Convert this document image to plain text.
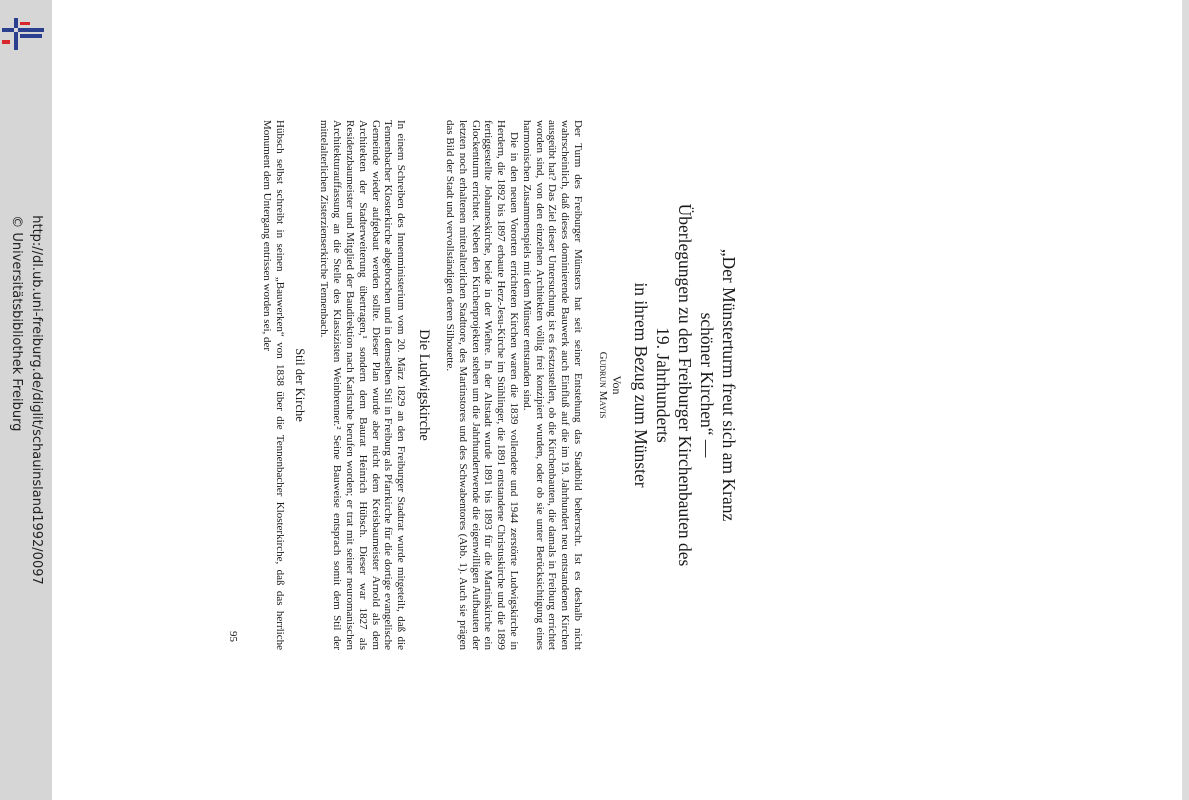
http://dl.ub.uni-freiburg.de/diglit/schauinsland1992/0097
© Universitätsbibliothek Freiburg	„Der Münsterturm freut sich am Kranz
schöner Kirchen“ —
Überlegungen zu den Freiburger Kirchenbauten des
19. Jahrhunderts
in ihrem Bezug zum Münster
Von
Gudrun Mayis

Der Turm des Freiburger Münsters hat seit seiner Entstehung das Stadtbild beherrscht. Ist es deshalb nicht wahrscheinlich, daß dieses dominierende Bauwerk auch Einfluß auf die im 19. Jahrhundert neu entstandenen Kirchen ausgeübt hat? Das Ziel dieser Untersuchung ist es festzustellen, ob die Kirchenbauten, die damals in Freiburg errichtet worden sind, von den einzelnen Architekten völlig frei konzipiert wurden, oder ob sie unter Berücksichtigung eines harmonischen Zusammenspiels mit dem Münster entstanden sind.

Die in den neuen Vororten errichteten Kirchen waren die 1839 vollendete und 1944 zerstörte Ludwigskirche in Herdern, die 1892 bis 1897 erbaute Herz-Jesu-Kirche im Stühlinger, die 1891 entstandene Christuskirche und die 1899 fertiggestellte Johanneskirche, beide in der Wiehre. In der Altstadt wurde 1891 bis 1893 für die Martinskirche ein Glockenturm errichtet. Neben den Kirchenprojekten stehen um die Jahrhundertwende die eigenwilligen Aufbauten der letzten noch erhaltenen mittelalterlichen Stadttore, des Martinstores und des Schwabentores (Abb. 1). Auch sie prägen das Bild der Stadt und vervollständigen deren Silhouette.

Die Ludwigskirche

In einem Schreiben des Innenministerium vom 20. März 1829 an den Freiburger Stadtrat wurde mitgeteilt, daß die Tennenbacher Klosterkirche abgebrochen und in demselben Stil in Freiburg als Pfarrkirche für die dortige evangelische Gemeinde wieder aufgebaut werden sollte. Dieser Plan wurde aber nicht dem Kreisbaumeister Arnold als dem Architekten der Stadterweiterung übertragen,¹ sondern dem Baurat Heinrich Hübsch. Dieser war 1827 als Residenzbaumeister und Mitglied der Baudirektion nach Karlsruhe berufen worden; er trat mit seiner neuromanischen Architekturauffassung an die Stelle des Klassizisten Weinbrenner.² Seine Bauweise entsprach somit dem Stil der mittelalterlichen Zisterzienserkirche Tennenbach.

Stil der Kirche

Hübsch selbst schreibt in seinen „Bauwerken“ von 1838 über die Tennenbacher Klosterkirche, daß das herrliche Monument dem Untergang entrissen worden sei, der

95
